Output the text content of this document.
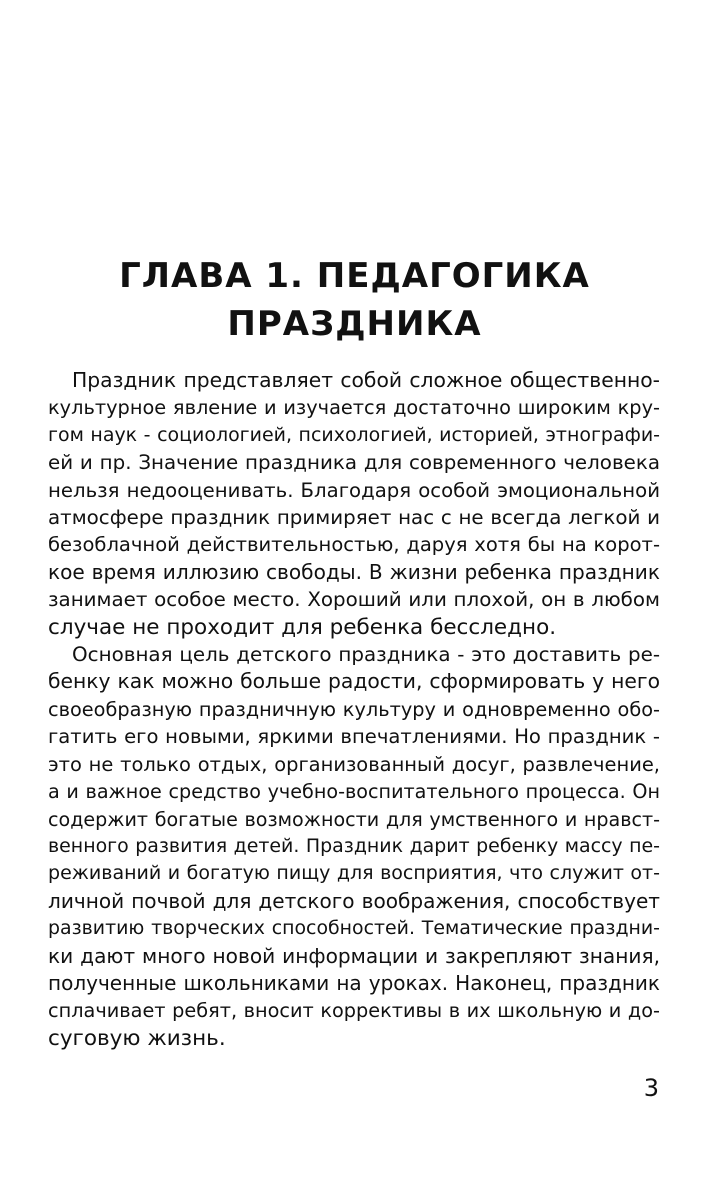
ГЛАВА 1. ПЕДАГОГИКА
ПРАЗДНИКА
Праздник представляет собой сложное общественно-
культурное явление и изучается достаточно широким кру-
гом наук - социологией, психологией, историей, этнографи-
ей и пр. Значение праздника для современного человека
нельзя недооценивать. Благодаря особой эмоциональной
атмосфере праздник примиряет нас с не всегда легкой и
безоблачной действительностью, даруя хотя бы на корот-
кое время иллюзию свободы. В жизни ребенка праздник
занимает особое место. Хороший или плохой, он в любом
случае не проходит для ребенка бесследно.
Основная цель детского праздника - это доставить ре-
бенку как можно больше радости, сформировать у него
своеобразную праздничную культуру и одновременно обо-
гатить его новыми, яркими впечатлениями. Но праздник -
это не только отдых, организованный досуг, развлечение,
а и важное средство учебно-воспитательного процесса. Он
содержит богатые возможности для умственного и нравст-
венного развития детей. Праздник дарит ребенку массу пе-
реживаний и богатую пищу для восприятия, что служит от-
личной почвой для детского воображения, способствует
развитию творческих способностей. Тематические праздни-
ки дают много новой информации и закрепляют знания,
полученные школьниками на уроках. Наконец, праздник
сплачивает ребят, вносит коррективы в их школьную и до-
суговую жизнь.
3
